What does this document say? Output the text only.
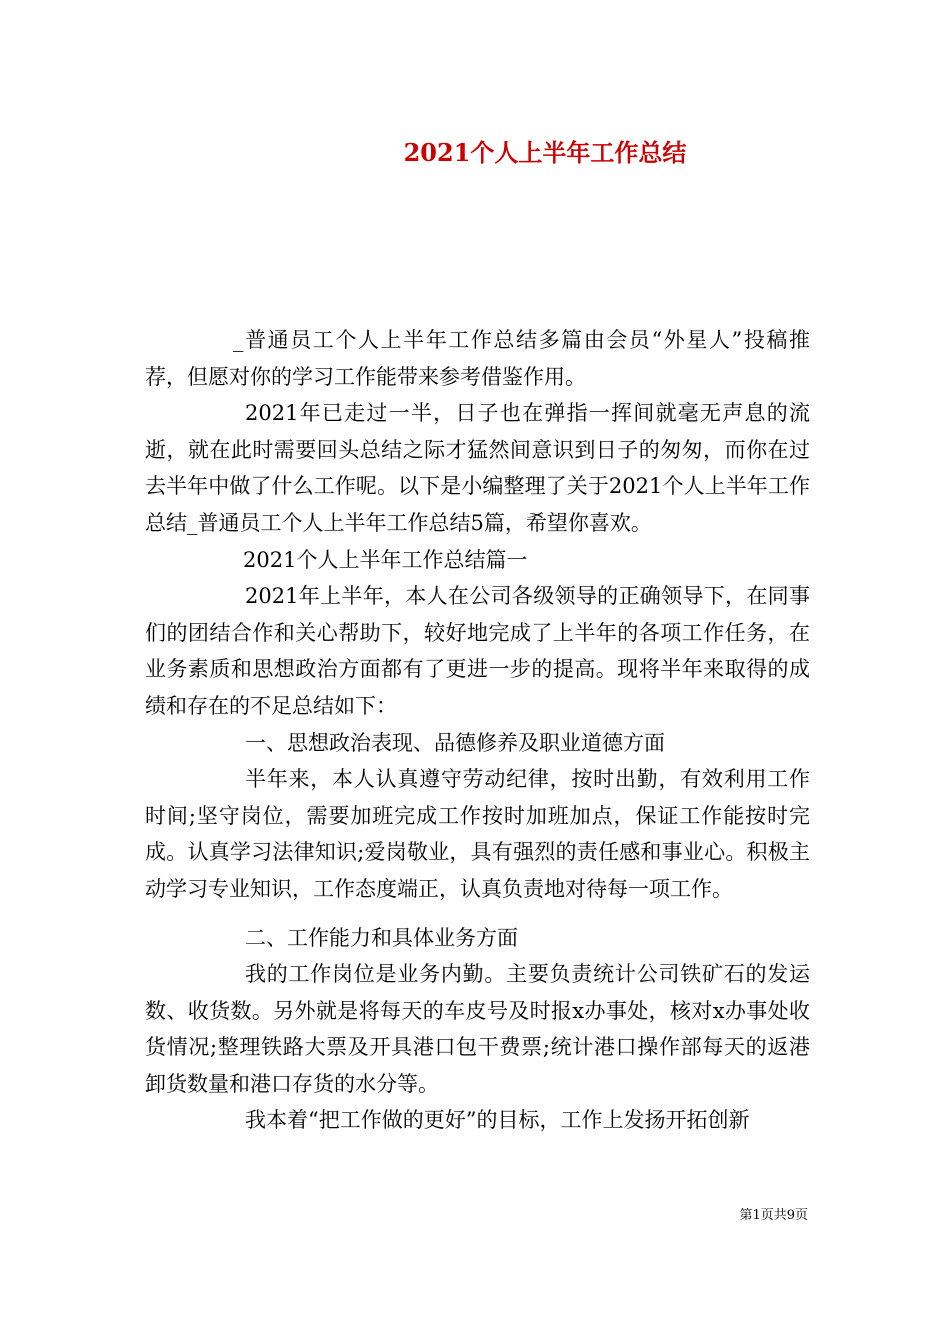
2021个人上半年工作总结

_普通员工个人上半年工作总结多篇由会员“外星人”投稿推荐，但愿对你的学习工作能带来参考借鉴作用。

2021年已走过一半，日子也在弹指一挥间就毫无声息的流逝，就在此时需要回头总结之际才猛然间意识到日子的匆匆，而你在过去半年中做了什么工作呢。以下是小编整理了关于2021个人上半年工作总结_普通员工个人上半年工作总结5篇，希望你喜欢。

2021个人上半年工作总结篇一

2021年上半年，本人在公司各级领导的正确领导下，在同事们的团结合作和关心帮助下，较好地完成了上半年的各项工作任务，在业务素质和思想政治方面都有了更进一步的提高。现将半年来取得的成绩和存在的不足总结如下：

一、思想政治表现、品德修养及职业道德方面

半年来，本人认真遵守劳动纪律，按时出勤，有效利用工作时间;坚守岗位，需要加班完成工作按时加班加点，保证工作能按时完成。认真学习法律知识;爱岗敬业，具有强烈的责任感和事业心。积极主动学习专业知识，工作态度端正，认真负责地对待每一项工作。

二、工作能力和具体业务方面

我的工作岗位是业务内勤。主要负责统计公司铁矿石的发运数、收货数。另外就是将每天的车皮号及时报x办事处，核对x办事处收货情况;整理铁路大票及开具港口包干费票;统计港口操作部每天的返港卸货数量和港口存货的水分等。

我本着“把工作做的更好”的目标，工作上发扬开拓创新

第1页共9页
